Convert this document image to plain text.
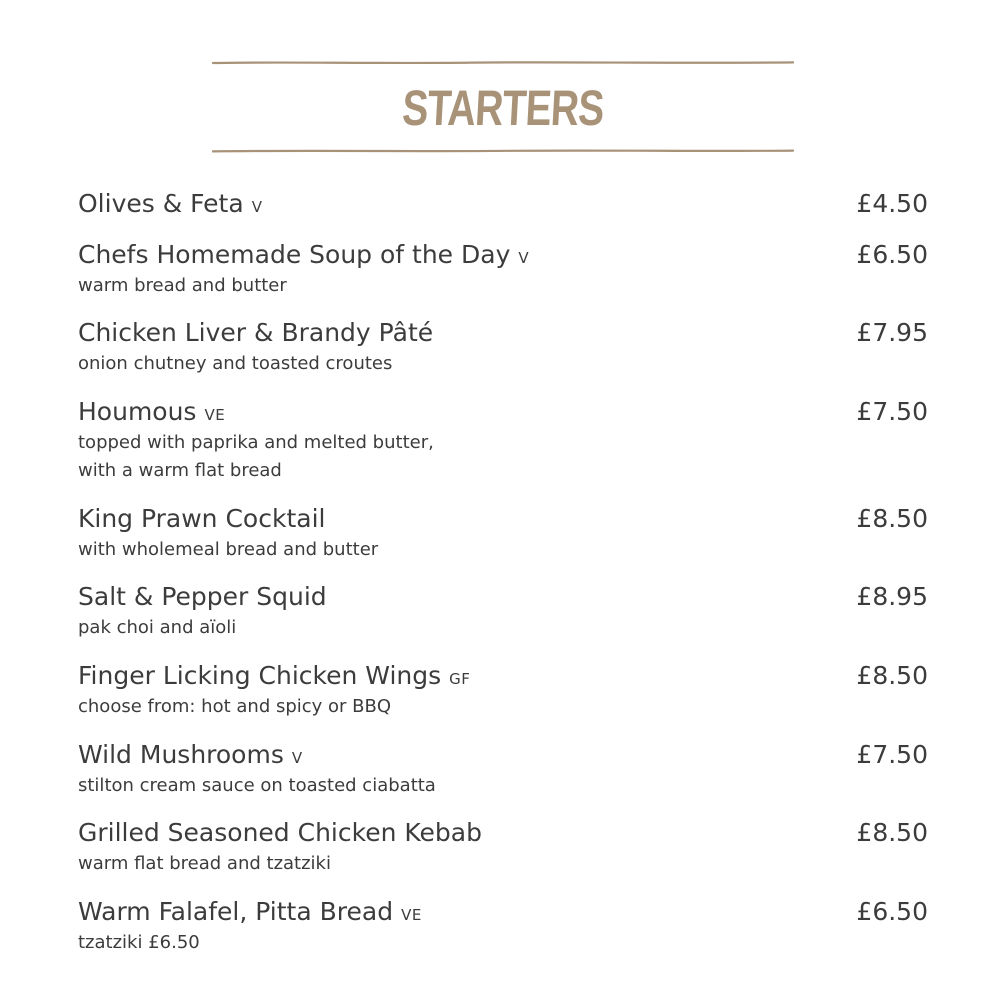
STARTERS
Olives & Feta V	£4.50
Chefs Homemade Soup of the Day V	£6.50
warm bread and butter
Chicken Liver & Brandy Pâté	£7.95
onion chutney and toasted croutes
Houmous VE	£7.50
topped with paprika and melted butter,
with a warm flat bread
King Prawn Cocktail	£8.50
with wholemeal bread and butter
Salt & Pepper Squid	£8.95
pak choi and aïoli
Finger Licking Chicken Wings GF	£8.50
choose from: hot and spicy or BBQ
Wild Mushrooms V	£7.50
stilton cream sauce on toasted ciabatta
Grilled Seasoned Chicken Kebab	£8.50
warm flat bread and tzatziki
Warm Falafel, Pitta Bread VE	£6.50
tzatziki £6.50
